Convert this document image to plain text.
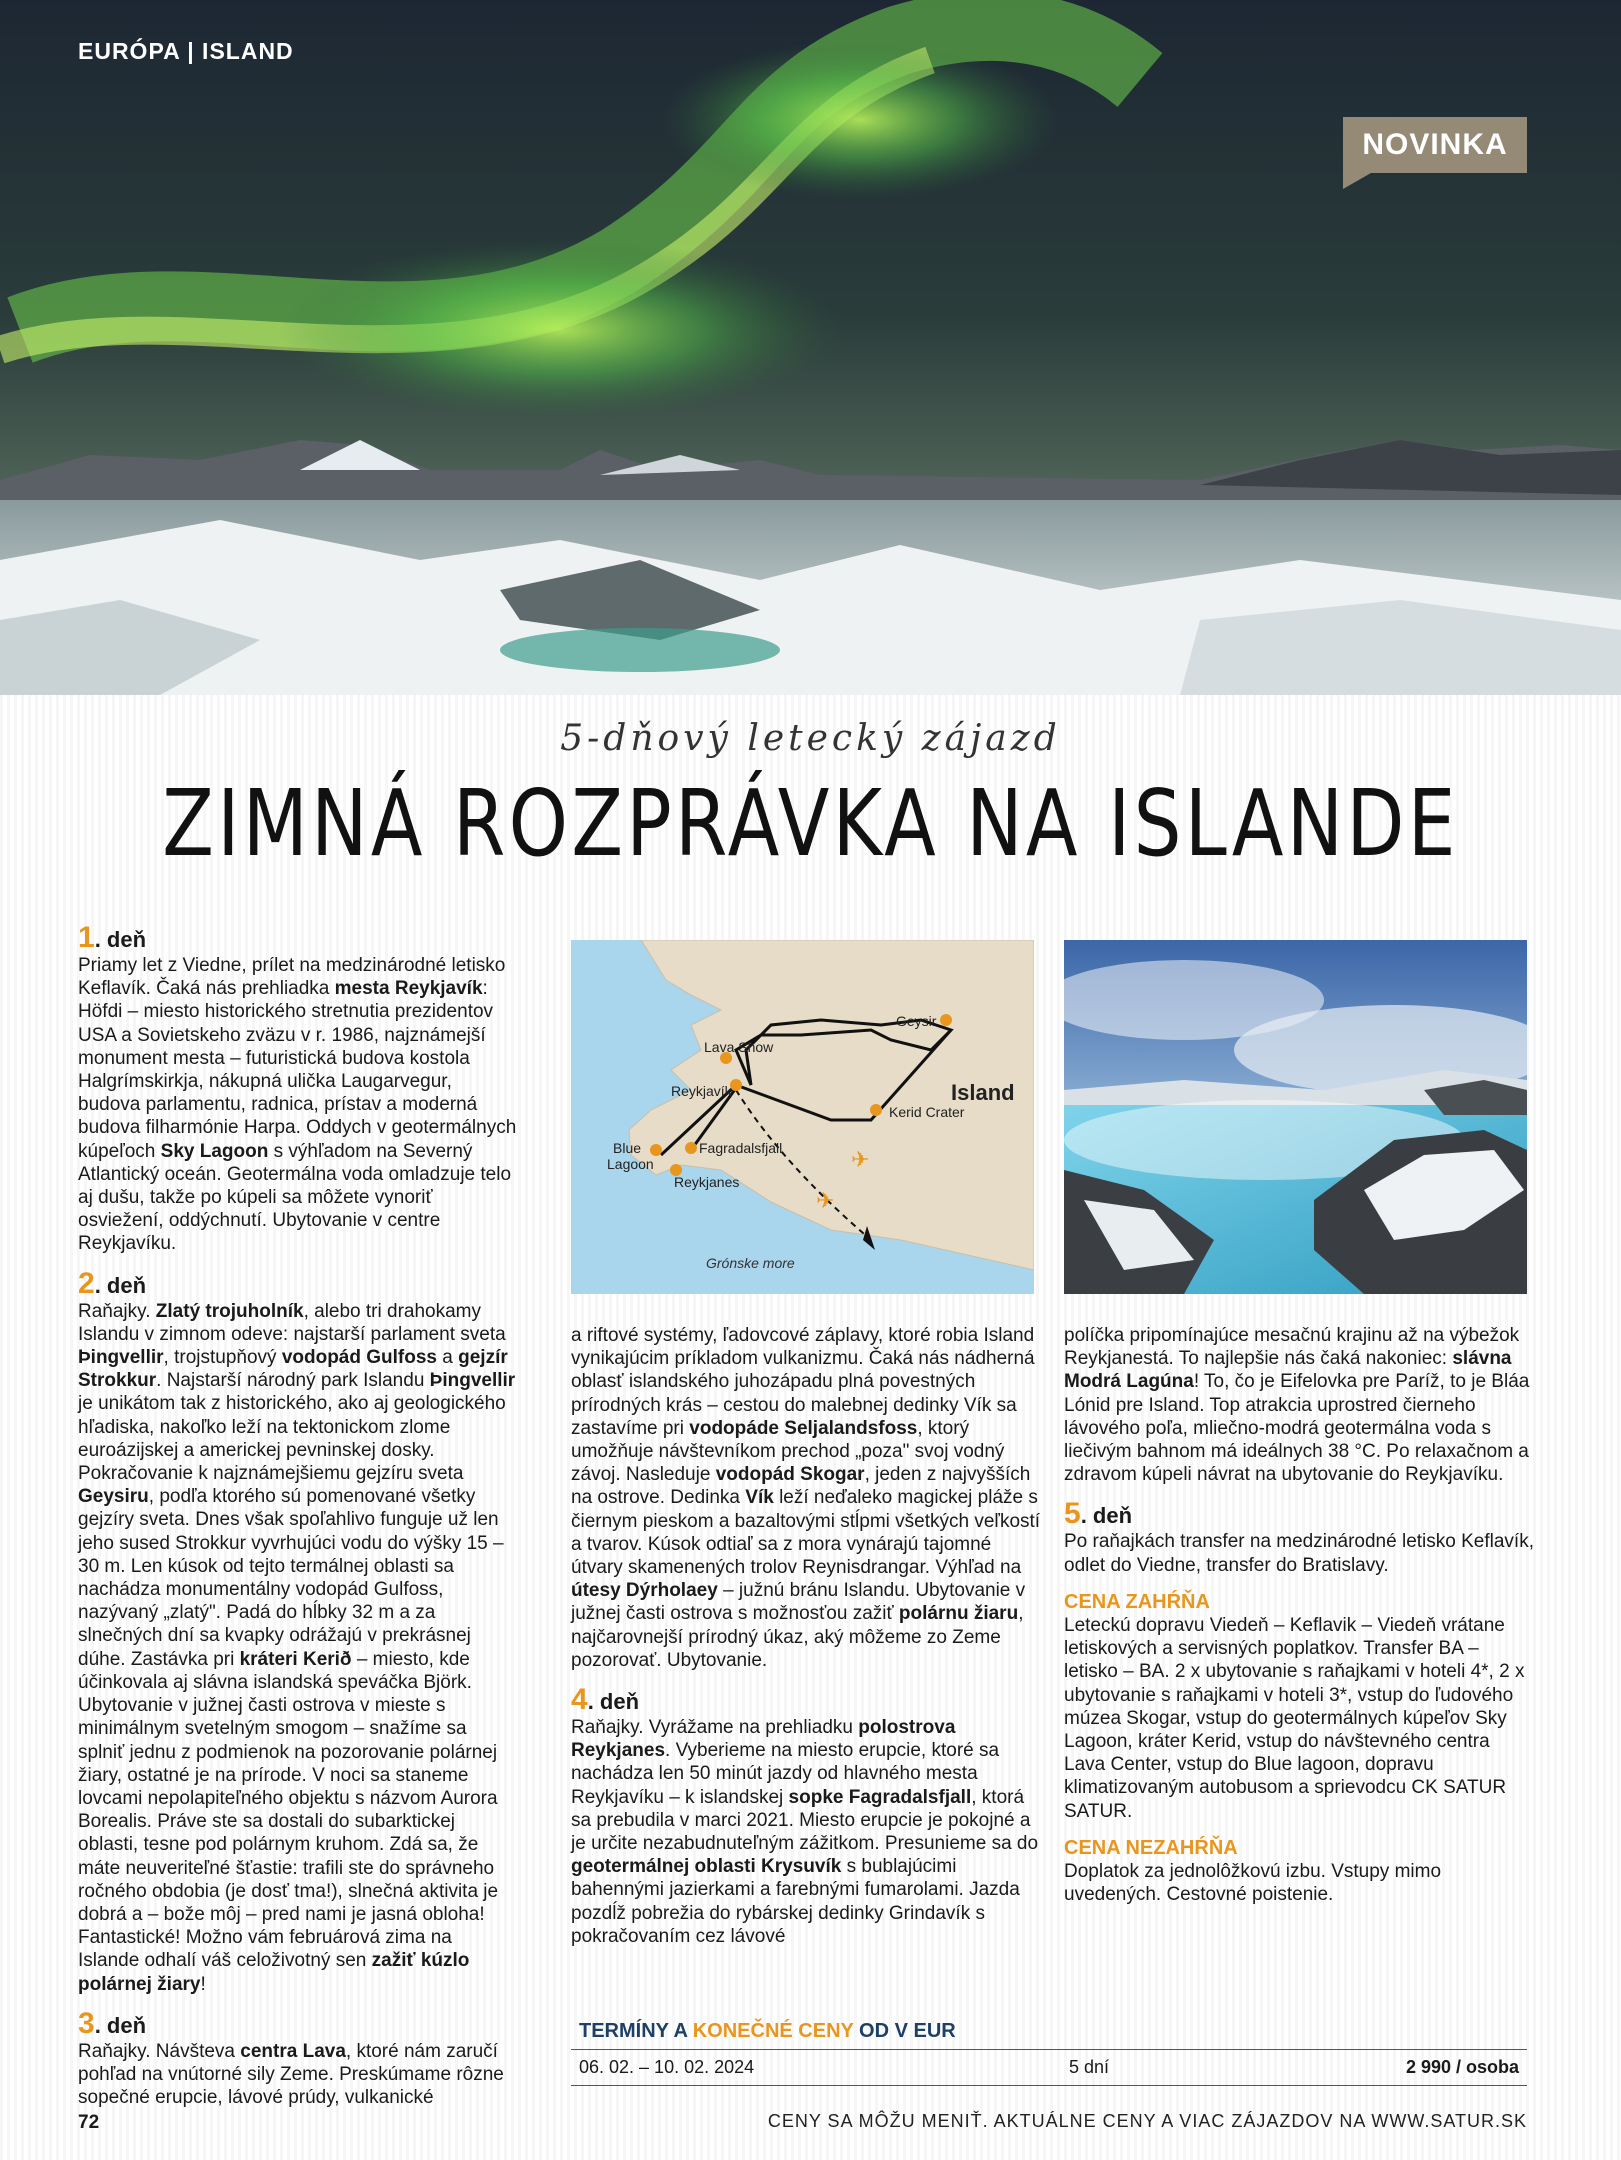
EURÓPA | ISLAND
NOVINKA
5-dňový letecký zájazd
ZIMNÁ ROZPRÁVKA NA ISLANDE

1. deň

Priamy let z Viedne, prílet na medzinárodné letisko Keflavík. Čaká nás prehliadka mesta Reykjavík: Höfdi – miesto historického stretnutia prezidentov USA a Sovietskeho zväzu v r. 1986, najznámejší monument mesta – futuristická budova kostola Halgrímskirkja, nákupná ulička Laugarvegur, budova parlamentu, radnica, prístav a moderná budova filharmónie Harpa. Oddych v geotermálnych kúpeľoch Sky Lagoon s výhľadom na Severný Atlantický oceán. Geotermálna voda omladzuje telo aj dušu, takže po kúpeli sa môžete vynoriť osviežení, oddýchnutí. Ubytovanie v centre Reykjavíku.

2. deň

Raňajky. Zlatý trojuholník, alebo tri drahokamy Islandu v zimnom odeve: najstarší parlament sveta Þingvellir, trojstupňový vodopád Gulfoss a gejzír Strokkur. Najstarší národný park Islandu Þingvellir je unikátom tak z historického, ako aj geologického hľadiska, nakoľko leží na tektonickom zlome euroázijskej a americkej pevninskej dosky. Pokračovanie k najznámejšiemu gejzíru sveta Geysiru, podľa ktorého sú pomenované všetky gejzíry sveta. Dnes však spoľahlivo funguje už len jeho sused Strokkur vyvrhujúci vodu do výšky 15 – 30 m. Len kúsok od tejto termálnej oblasti sa nachádza monumentálny vodopád Gulfoss, nazývaný „zlatý". Padá do hĺbky 32 m a za slnečných dní sa kvapky odrážajú v prekrásnej dúhe. Zastávka pri kráteri Kerið – miesto, kde účinkovala aj slávna islandská speváčka Björk. Ubytovanie v južnej časti ostrova v mieste s minimálnym svetelným smogom – snažíme sa splniť jednu z podmienok na pozorovanie polárnej žiary, ostatné je na prírode. V noci sa staneme lovcami nepolapiteľného objektu s názvom Aurora Borealis. Práve ste sa dostali do subarktickej oblasti, tesne pod polárnym kruhom. Zdá sa, že máte neuveriteľné šťastie: trafili ste do správneho ročného obdobia (je dosť tma!), slnečná aktivita je dobrá a – bože môj – pred nami je jasná obloha! Fantastické! Možno vám februárová zima na Islande odhalí váš celoživotný sen zažiť kúzlo polárnej žiary!

3. deň

Raňajky. Návšteva centra Lava, ktoré nám zaručí pohľad na vnútorné sily Zeme. Preskúmame rôzne sopečné erupcie, lávové prúdy, vulkanické

✈
✈
Geysir
Lava Show
Reykjavík	Island
Kerid Crater
Blue
Lagoon
Fagradalsfjall
Reykjanes
Grónske more

a riftové systémy, ľadovcové záplavy, ktoré robia Island vynikajúcim príkladom vulkanizmu. Čaká nás nádherná oblasť islandského juhozápadu plná povestných prírodných krás – cestou do malebnej dedinky Vík sa zastavíme pri vodopáde Seljalandsfoss, ktorý umožňuje návštevníkom prechod „poza" svoj vodný závoj. Nasleduje vodopád Skogar, jeden z najvyšších na ostrove. Dedinka Vík leží neďaleko magickej pláže s čiernym pieskom a bazaltovými stĺpmi všetkých veľkostí a tvarov. Kúsok odtiaľ sa z mora vynárajú tajomné útvary skamenených trolov Reynisdrangar. Výhľad na útesy Dýrholaey – južnú bránu Islandu. Ubytovanie v južnej časti ostrova s možnosťou zažiť polárnu žiaru, najčarovnejší prírodný úkaz, aký môžeme zo Zeme pozorovať. Ubytovanie.

4. deň

Raňajky. Vyrážame na prehliadku polostrova Reykjanes. Vyberieme na miesto erupcie, ktoré sa nachádza len 50 minút jazdy od hlavného mesta Reykjavíku – k islandskej sopke Fagradalsfjall, ktorá sa prebudila v marci 2021. Miesto erupcie je pokojné a je určite nezabudnuteľným zážitkom. Presunieme sa do geotermálnej oblasti Krysuvík s bublajúcimi bahennými jazierkami a farebnými fumarolami. Jazda pozdĺž pobrežia do rybárskej dedinky Grindavík s pokračovaním cez lávové

políčka pripomínajúce mesačnú krajinu až na výbežok Reykjanestá. To najlepšie nás čaká nakoniec: slávna Modrá Lagúna! To, čo je Eifelovka pre Paríž, to je Bláa Lónid pre Island. Top atrakcia uprostred čierneho lávového poľa, mliečno-modrá geotermálna voda s liečivým bahnom má ideálnych 38 °C. Po relaxačnom a zdravom kúpeli návrat na ubytovanie do Reykjavíku.

5. deň

Po raňajkách transfer na medzinárodné letisko Keflavík, odlet do Viedne, transfer do Bratislavy.

CENA ZAHŔŇA

Leteckú dopravu Viedeň – Keflavik – Viedeň vrátane letiskových a servisných poplatkov. Transfer BA – letisko – BA. 2 x ubytovanie s raňajkami v hoteli 4*, 2 x ubytovanie s raňajkami v hoteli 3*, vstup do ľudového múzea Skogar, vstup do geotermálnych kúpeľov Sky Lagoon, kráter Kerid, vstup do návštevného centra Lava Center, vstup do Blue lagoon, dopravu klimatizovaným autobusom a sprievodcu CK SATUR SATUR.

CENA NEZAHŔŇA

Doplatok za jednolôžkovú izbu. Vstupy mimo uvedených. Cestovné poistenie.

TERMÍNY A KONEČNÉ CENY OD V EUR
06. 02. – 10. 02. 2024	5 dní	2 990 / osoba
72	CENY SA MÔŽU MENIŤ. AKTUÁLNE CENY A VIAC ZÁJAZDOV NA WWW.SATUR.SK
